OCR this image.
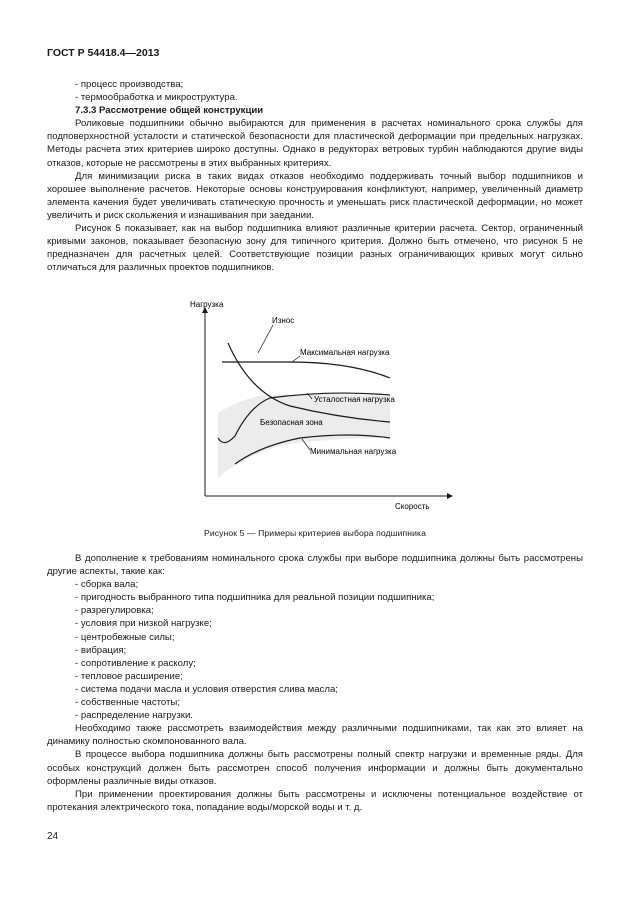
ГОСТ Р 54418.4—2013

- процесс производства;

- термообработка и микроструктура.

7.3.3 Рассмотрение общей конструкции

Роликовые подшипники обычно выбираются для применения в расчетах номинального срока службы для подповерхностной усталости и статической безопасности для пластической деформации при предельных нагрузках. Методы расчета этих критериев широко доступны. Однако в редукторах ветровых турбин наблюдаются другие виды отказов, которые не рассмотрены в этих выбранных критериях.

Для минимизации риска в таких видах отказов необходимо поддерживать точный выбор подшипников и хорошее выполнение расчетов. Некоторые основы конструирования конфликтуют, например, увеличенный диаметр элемента качения будет увеличивать статическую прочность и уменьшать риск пластической деформации, но может увеличить и риск скольжения и изнашивания при заедании.

Рисунок 5 показывает, как на выбор подшипника влияют различные критерии расчета. Сектор, ограниченный кривыми законов, показывает безопасную зону для типичного критерия. Должно быть отмечено, что рисунок 5 не предназначен для расчетных целей. Соответствующие позиции разных ограничивающих кривых могут сильно отличаться для различных проектов подшипников.

Нагрузка
Скорость
Износ
Максимальная нагрузка
Усталостная нагрузка
Безопасная зона
Минимальная нагрузка
Рисунок 5 — Примеры критериев выбора подшипника

В дополнение к требованиям номинального срока службы при выборе подшипника должны быть рассмотрены другие аспекты, такие как:

- сборка вала;

- пригодность выбранного типа подшипника для реальной позиции подшипника;

- разрегулировка;

- условия при низкой нагрузке;

- центробежные силы;

- вибрация;

- сопротивление к расколу;

- тепловое расширение;

- система подачи масла и условия отверстия слива масла;

- собственные частоты;

- распределение нагрузки.

Необходимо также рассмотреть взаимодействия между различными подшипниками, так как это влияет на динамику полностью скомпонованного вала.

В процессе выбора подшипника должны быть рассмотрены полный спектр нагрузки и временные ряды. Для особых конструкций должен быть рассмотрен способ получения информации и должны быть документально оформлены различные виды отказов.

При применении проектирования должны быть рассмотрены и исключены потенциальное воздействие от протекания электрического тока, попадание воды/морской воды и т. д.

24
